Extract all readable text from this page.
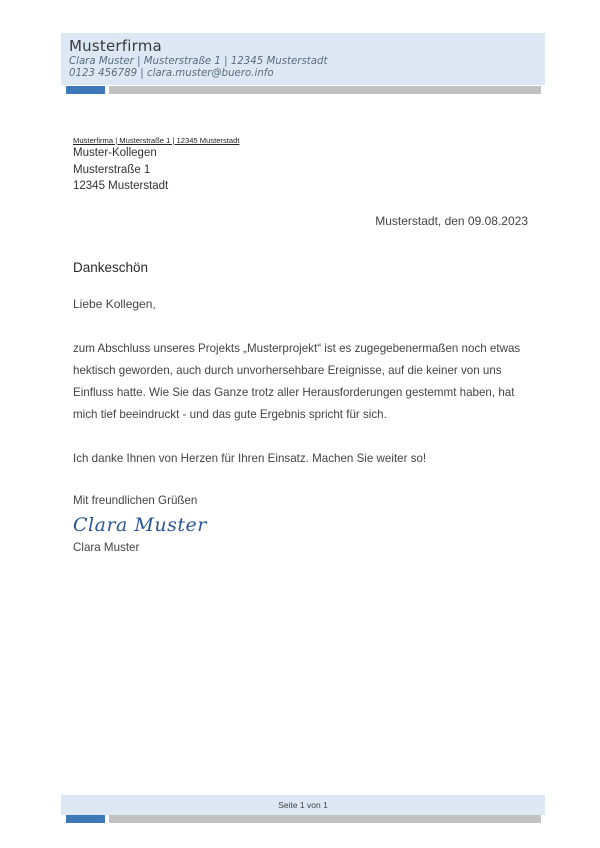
Musterfirma
Clara Muster | Musterstraße 1 | 12345 Musterstadt
0123 456789 | clara.muster@buero.info
Musterfirma | Musterstraße 1 | 12345 Musterstadt
Muster-Kollegen
Musterstraße 1
12345 Musterstadt
Musterstadt, den 09.08.2023
Dankeschön
Liebe Kollegen,
zum Abschluss unseres Projekts „Musterprojekt“ ist es zugegebenermaßen noch etwas hektisch geworden, auch durch unvorhersehbare Ereignisse, auf die keiner von uns Einfluss hatte. Wie Sie das Ganze trotz aller Herausforderungen gestemmt haben, hat mich tief beeindruckt - und das gute Ergebnis spricht für sich.
Ich danke Ihnen von Herzen für Ihren Einsatz. Machen Sie weiter so!
Mit freundlichen Grüßen
Clara Muster
Clara Muster
Seite 1 von 1
